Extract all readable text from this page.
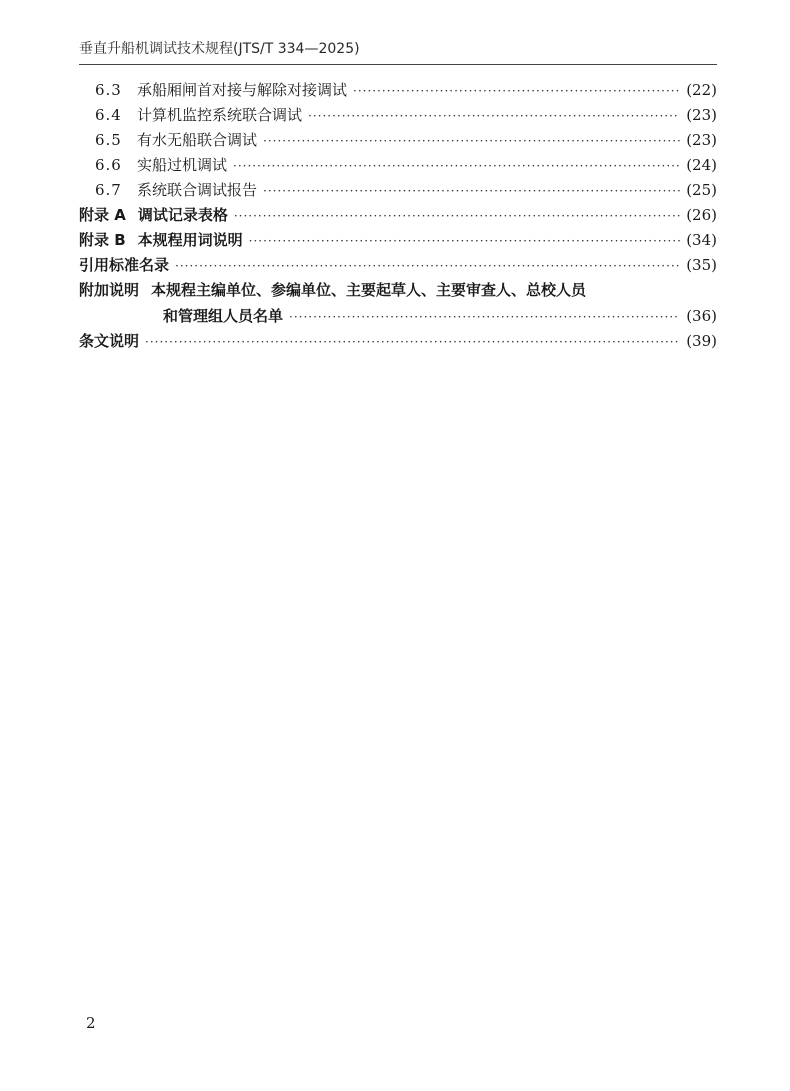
垂直升船机调试技术规程(JTS/T 334—2025)
6.3	承船厢闸首对接与解除对接调试 ·····	(22)
6.4	计算机监控系统联合调试 ·····	(23)
6.5	有水无船联合调试 ·····	(23)
6.6	实船过机调试 ·····	(24)
6.7	系统联合调试报告 ·····	(25)
附录 A 调试记录表格 ·····	(26)
附录 B 本规程用词说明 ·····	(34)
引用标准名录 ·····	(35)
附加说明 本规程主编单位、参编单位、主要起草人、主要审查人、总校人员
和管理组人员名单 ·····	(36)
条文说明 ·····	(39)
2
